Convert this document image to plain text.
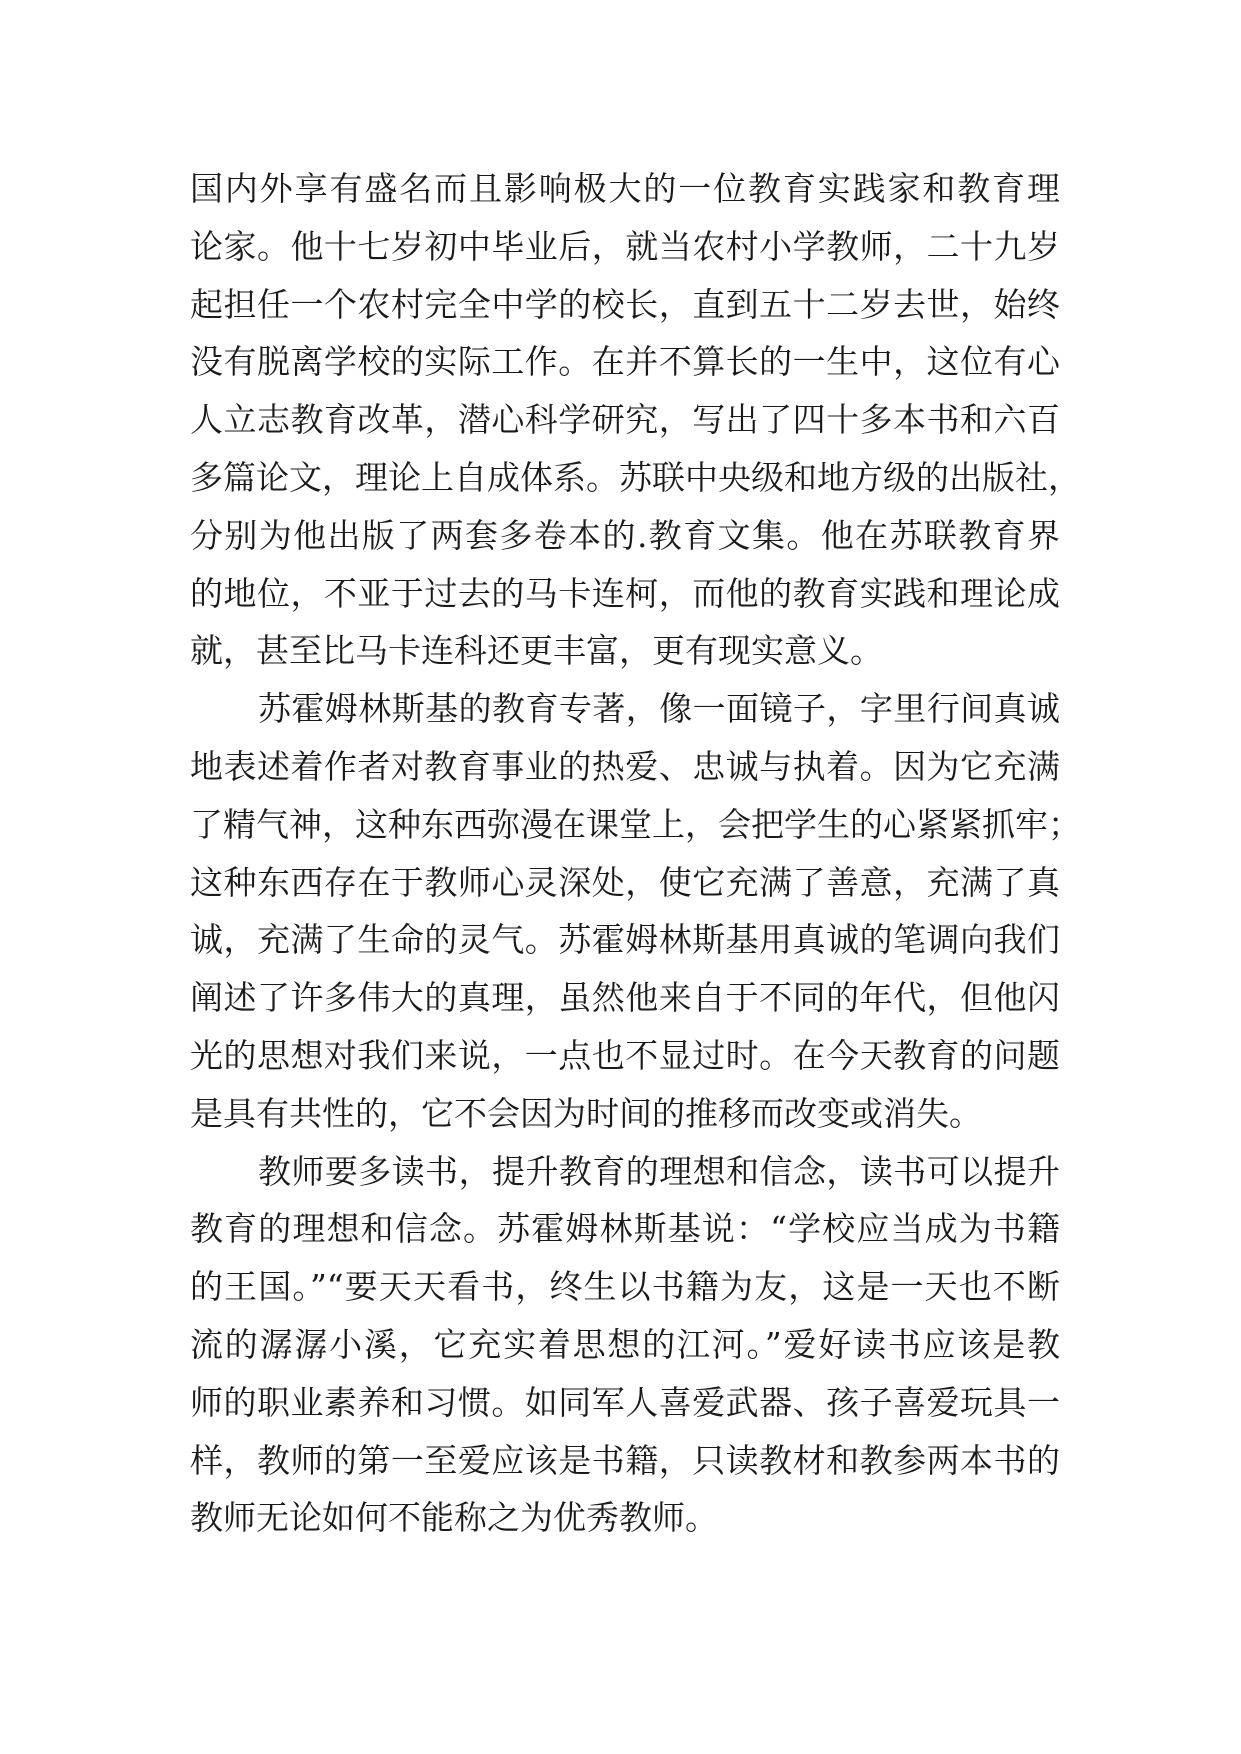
国内外享有盛名而且影响极大的一位教育实践家和教育理
论家。他十七岁初中毕业后，就当农村小学教师，二十九岁
起担任一个农村完全中学的校长，直到五十二岁去世，始终
没有脱离学校的实际工作。在并不算长的一生中，这位有心
人立志教育改革，潜心科学研究，写出了四十多本书和六百
多篇论文，理论上自成体系。苏联中央级和地方级的出版社，
分别为他出版了两套多卷本的.教育文集。他在苏联教育界
的地位，不亚于过去的马卡连柯，而他的教育实践和理论成
就，甚至比马卡连科还更丰富，更有现实意义。
苏霍姆林斯基的教育专著，像一面镜子，字里行间真诚
地表述着作者对教育事业的热爱、忠诚与执着。因为它充满
了精气神，这种东西弥漫在课堂上，会把学生的心紧紧抓牢；
这种东西存在于教师心灵深处，使它充满了善意，充满了真
诚，充满了生命的灵气。苏霍姆林斯基用真诚的笔调向我们
阐述了许多伟大的真理，虽然他来自于不同的年代，但他闪
光的思想对我们来说，一点也不显过时。在今天教育的问题
是具有共性的，它不会因为时间的推移而改变或消失。
教师要多读书，提升教育的理想和信念，读书可以提升
教育的理想和信念。苏霍姆林斯基说：“学校应当成为书籍
的王国。”“要天天看书，终生以书籍为友，这是一天也不断
流的潺潺小溪，它充实着思想的江河。”爱好读书应该是教
师的职业素养和习惯。如同军人喜爱武器、孩子喜爱玩具一
样，教师的第一至爱应该是书籍，只读教材和教参两本书的
教师无论如何不能称之为优秀教师。
